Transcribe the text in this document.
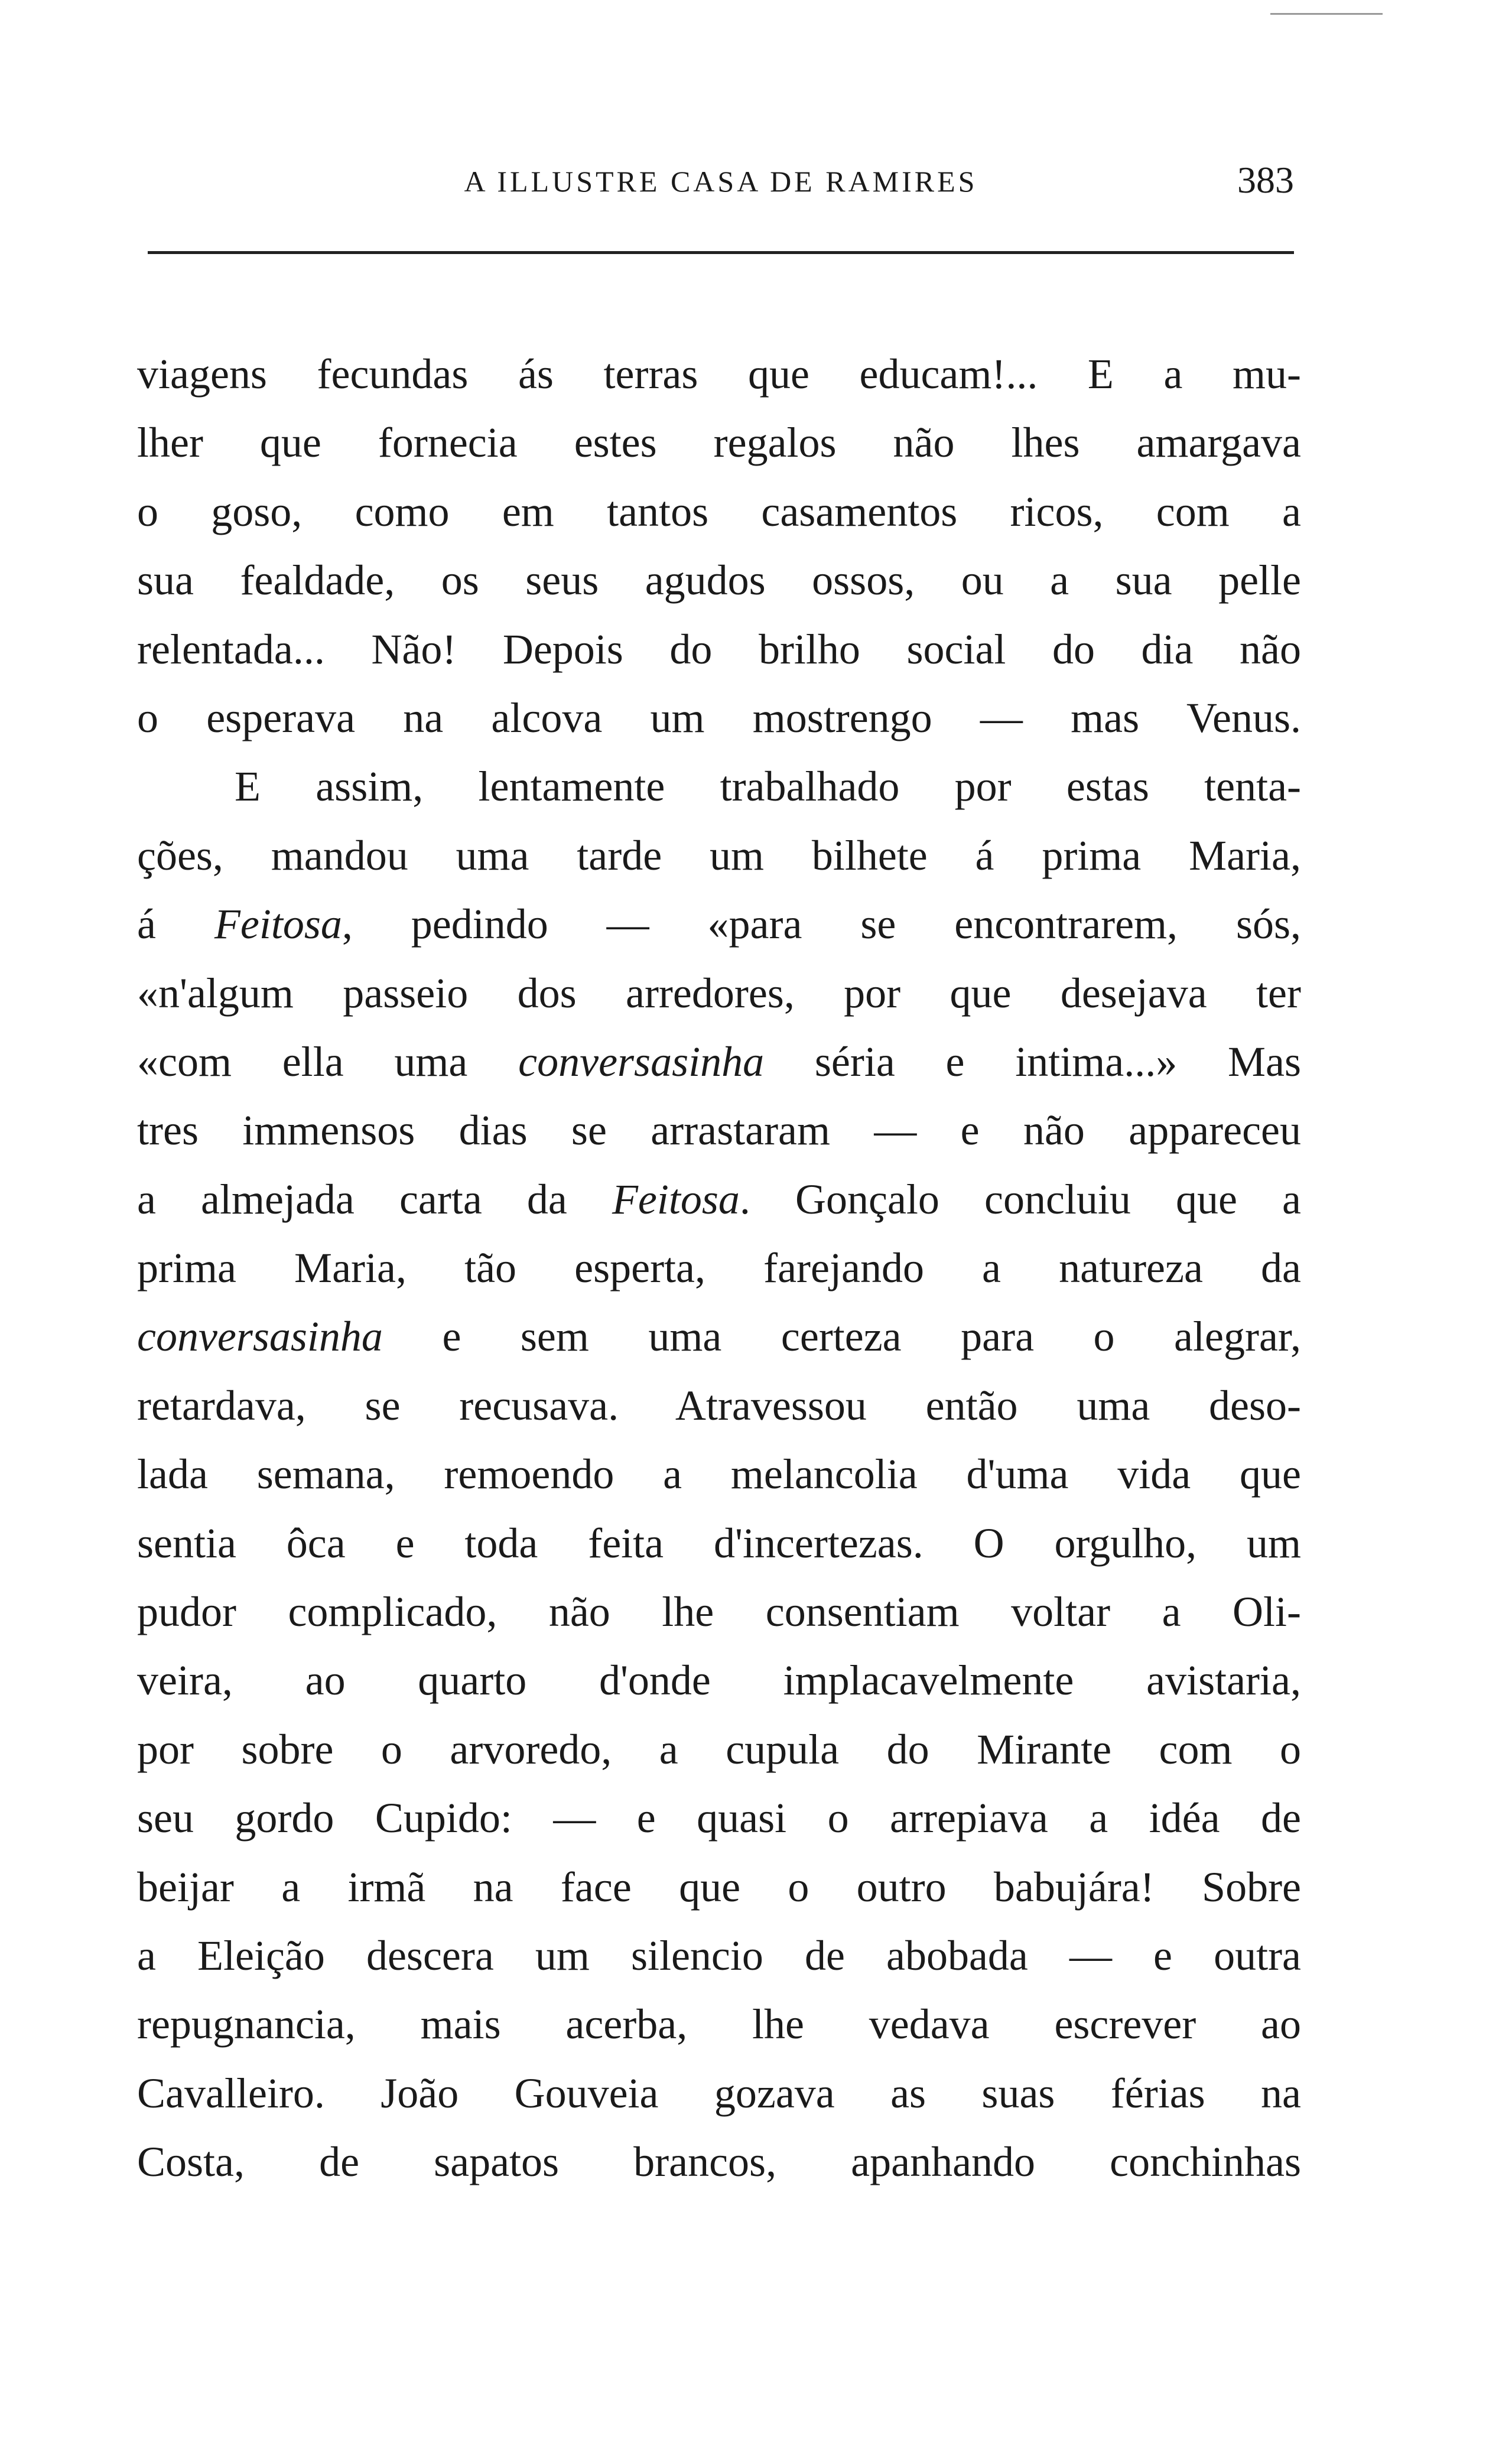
A ILLUSTRE CASA DE RAMIRES	383
viagens fecundas ás terras que educam!... E a mu-
lher que fornecia estes regalos não lhes amargava
o goso, como em tantos casamentos ricos, com a
sua fealdade, os seus agudos ossos, ou a sua pelle
relentada... Não! Depois do brilho social do dia não
o esperava na alcova um mostrengo — mas Venus.
E assim, lentamente trabalhado por estas tenta-
ções, mandou uma tarde um bilhete á prima Maria,
á Feitosa, pedindo — «para se encontrarem, sós,
«n'algum passeio dos arredores, por que desejava ter
«com ella uma conversasinha séria e intima...» Mas
tres immensos dias se arrastaram — e não appareceu
a almejada carta da Feitosa. Gonçalo concluiu que a
prima Maria, tão esperta, farejando a natureza da
conversasinha e sem uma certeza para o alegrar,
retardava, se recusava. Atravessou então uma deso-
lada semana, remoendo a melancolia d'uma vida que
sentia ôca e toda feita d'incertezas. O orgulho, um
pudor complicado, não lhe consentiam voltar a Oli-
veira, ao quarto d'onde implacavelmente avistaria,
por sobre o arvoredo, a cupula do Mirante com o
seu gordo Cupido: — e quasi o arrepiava a idéa de
beijar a irmã na face que o outro babujára! Sobre
a Eleição descera um silencio de abobada — e outra
repugnancia, mais acerba, lhe vedava escrever ao
Cavalleiro. João Gouveia gozava as suas férias na
Costa, de sapatos brancos, apanhando conchinhas
